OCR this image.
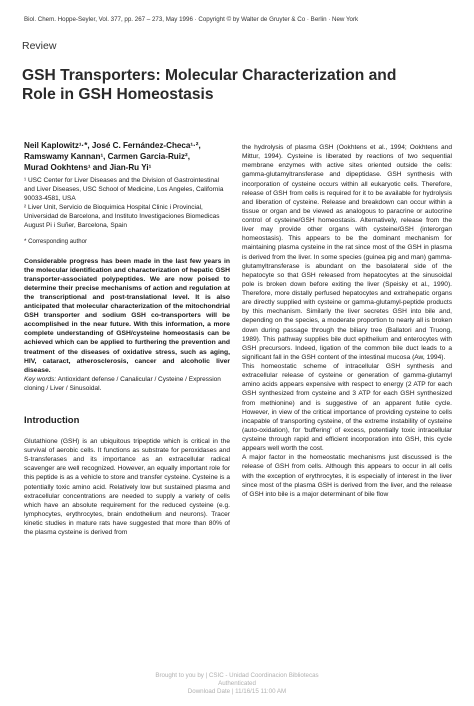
Biol. Chem. Hoppe-Seyler, Vol. 377, pp. 267 – 273, May 1996 · Copyright © by Walter de Gruyter & Co · Berlin · New York
Review
GSH Transporters: Molecular Characterization and
Role in GSH Homeostasis
Neil Kaplowitz¹·*, José C. Fernández-Checa¹·²,
Ramswamy Kannan¹, Carmen Garcia-Ruiz²,
Murad Ookhtens¹ and Jian-Ru Yi¹

¹ USC Center for Liver Diseases and the Division of Gastrointestinal and Liver Diseases, USC School of Medicine, Los Angeles, California 90033-4581, USA

² Liver Unit, Servicio de Bioquimica Hospital Clinic i Provincial, Universidad de Barcelona, and Instituto Investigaciones Biomedicas August Pi i Suñer, Barcelona, Spain

* Corresponding author

Considerable progress has been made in the last few years in the molecular identification and characterization of hepatic GSH transporter-associated polypeptides. We are now poised to determine their precise mechanisms of action and regulation at the transcriptional and post-translational level. It is also anticipated that molecular characterization of the mitochondrial GSH transporter and sodium GSH co-transporters will be accomplished in the near future. With this information, a more complete understanding of GSH/cysteine homeostasis can be achieved which can be applied to furthering the prevention and treatment of the diseases of oxidative stress, such as aging, HIV, cataract, atherosclerosis, cancer and alcoholic liver disease.

Key words: Antioxidant defense / Canalicular / Cysteine / Expression cloning / Liver / Sinusoidal.

Introduction

Glutathione (GSH) is an ubiquitous tripeptide which is critical in the survival of aerobic cells. It functions as substrate for peroxidases and S-transferases and its importance as an extracellular radical scavenger are well recognized. However, an equally important role for this peptide is as a vehicle to store and transfer cysteine. Cysteine is a potentially toxic amino acid. Relatively low but sustained plasma and extracellular concentrations are needed to supply a variety of cells which have an absolute requirement for the reduced cysteine (e.g. lymphocytes, erythrocytes, brain endothelium and neurons). Tracer kinetic studies in mature rats have suggested that more than 80% of the plasma cysteine is derived from

the hydrolysis of plasma GSH (Ookhtens et al., 1994; Ookhtens and Mittur, 1994). Cysteine is liberated by reactions of two sequential membrane enzymes with active sites oriented outside the cells: gamma-glutamyltransferase and dipeptidase. GSH synthesis with incorporation of cysteine occurs within all eukaryotic cells. Therefore, release of GSH from cells is required for it to be available for hydrolysis and liberation of cysteine. Release and breakdown can occur within a tissue or organ and be viewed as analogous to paracrine or autocrine control of cysteine/GSH homeostasis. Alternatively, release from the liver may provide other organs with cysteine/GSH (interorgan homeostasis). This appears to be the dominant mechanism for maintaining plasma cysteine in the rat since most of the GSH in plasma is derived from the liver. In some species (guinea pig and man) gamma-glutamyltransferase is abundant on the basolateral side of the hepatocyte so that GSH released from hepatocytes at the sinusoidal pole is broken down before exiting the liver (Speisky et al., 1990). Therefore, more distally perfused hepatocytes and extrahepatic organs are directly supplied with cysteine or gamma-glutamyl-peptide products by this mechanism. Similarly the liver secretes GSH into bile and, depending on the species, a moderate proportion to nearly all is broken down during passage through the biliary tree (Ballatori and Truong, 1989). This pathway supplies bile duct epithelium and enterocytes with GSH precursors. Indeed, ligation of the common bile duct leads to a significant fall in the GSH content of the intestinal mucosa (Aw, 1994).

This homeostatic scheme of intracellular GSH synthesis and extracellular release of cysteine or generation of gamma-glutamyl amino acids appears expensive with respect to energy (2 ATP for each GSH synthesized from cysteine and 3 ATP for each GSH synthesized from methionine) and is suggestive of an apparent futile cycle. However, in view of the critical importance of providing cysteine to cells incapable of transporting cysteine, of the extreme instability of cysteine (auto-oxidation), for 'buffering' of excess, potentially toxic intracellular cysteine through rapid and efficient incorporation into GSH, this cycle appears well worth the cost.

A major factor in the homeostatic mechanisms just discussed is the release of GSH from cells. Although this appears to occur in all cells with the exception of erythrocytes, it is especially of interest in the liver since most of the plasma GSH is derived from the liver, and the release of GSH into bile is a major determinant of bile flow

Brought to you by | CSIC - Unidad Coordinacion Bibliotecas
Authenticated
Download Date | 11/16/15 11:00 AM
